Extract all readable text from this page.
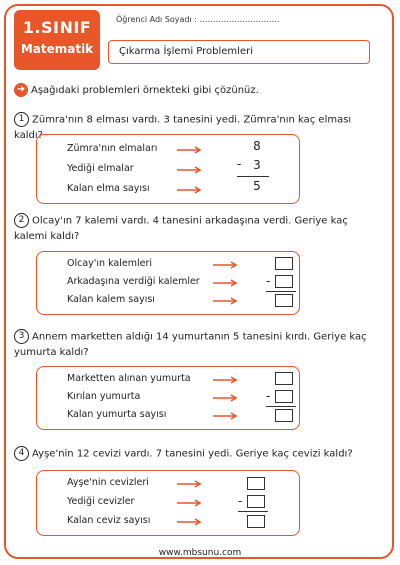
1.SINIF
Matematik
Öğrenci Adı Soyadı : …………………………
Çıkarma İşlemi Problemleri
➜ Aşağıdaki problemleri örnekteki gibi çözünüz.
1 Zümra'nın 8 elması vardı. 3 tanesini yedi. Zümra'nın kaç elması kaldı?
Zümra'nın elmaları
Yediği elmalar
Kalan elma sayısı
8
- 3
5
2 Olcay'ın 7 kalemi vardı. 4 tanesini arkadaşına verdi. Geriye kaç kalemi kaldı?
Olcay'ın kalemleri
Arkadaşına verdiği kalemler
Kalan kalem sayısı
-
3 Annem marketten aldığı 14 yumurtanın 5 tanesini kırdı. Geriye kaç yumurta kaldı?
Marketten alınan yumurta
Kırılan yumurta
Kalan yumurta sayısı
-
4 Ayşe'nin 12 cevizi vardı. 7 tanesini yedi. Geriye kaç cevizi kaldı?
Ayşe'nin cevizleri
Yediği cevizler
Kalan ceviz sayısı
-
www.mbsunu.com
